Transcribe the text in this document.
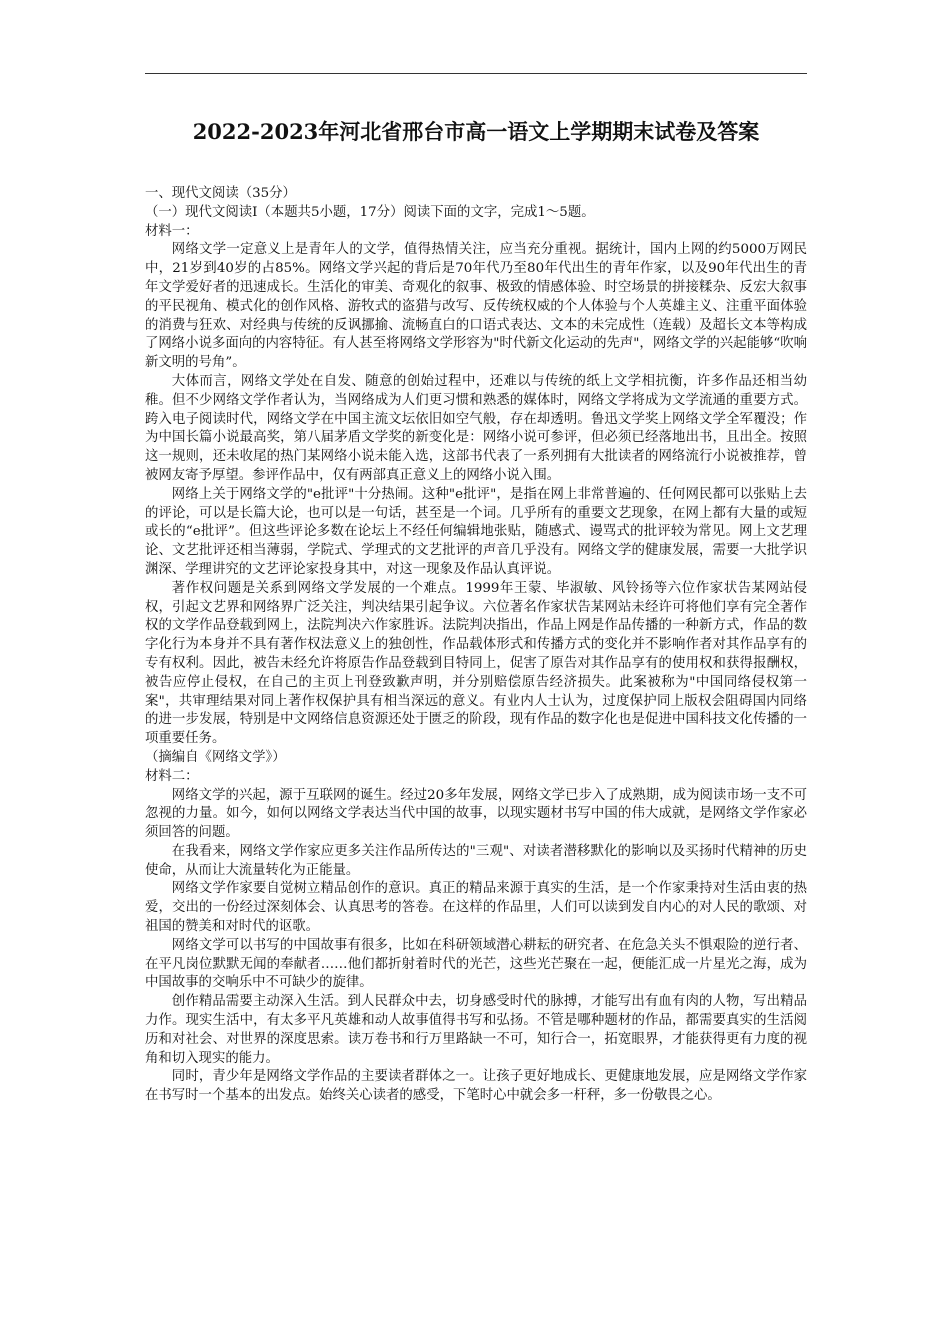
2022-2023年河北省邢台市高一语文上学期期末试卷及答案

一、现代文阅读（35分）

（一）现代文阅读Ⅰ（本题共5小题，17分）阅读下面的文字，完成1～5题。

材料一：

网络文学一定意义上是青年人的文学，值得热情关注，应当充分重视。据统计，国内上网的约5000万网民中，21岁到40岁的占85%。网络文学兴起的背后是70年代乃至80年代出生的青年作家，以及90年代出生的青年文学爱好者的迅速成长。生活化的审美、奇观化的叙事、极致的情感体验、时空场景的拼接糅杂、反宏大叙事的平民视角、模式化的创作风格、游牧式的盗猎与改写、反传统权威的个人体验与个人英雄主义、注重平面体验的消费与狂欢、对经典与传统的反讽挪揄、流畅直白的口语式表达、文本的未完成性（连载）及超长文本等构成了网络小说多面向的内容特征。有人甚至将网络文学形容为"时代新文化运动的先声"，网络文学的兴起能够“吹响新文明的号角”。

大体而言，网络文学处在自发、随意的创始过程中，还难以与传统的纸上文学相抗衡，许多作品还相当幼稚。但不少网络文学作者认为，当网络成为人们更习惯和熟悉的媒体时，网络文学将成为文学流通的重要方式。跨入电子阅读时代，网络文学在中国主流文坛依旧如空气般，存在却透明。鲁迅文学奖上网络文学全军覆没；作为中国长篇小说最高奖，第八届茅盾文学奖的新变化是：网络小说可参评，但必须已经落地出书，且出全。按照这一规则，还未收尾的热门某网络小说未能入选，这部书代表了一系列拥有大批读者的网络流行小说被推荐，曾被网友寄予厚望。参评作品中，仅有两部真正意义上的网络小说入围。

网络上关于网络文学的"e批评"十分热闹。这种"e批评"，是指在网上非常普遍的、任何网民都可以张贴上去的评论，可以是长篇大论，也可以是一句话，甚至是一个词。几乎所有的重要文艺现象，在网上都有大量的或短或长的“e批评”。但这些评论多数在论坛上不经任何编辑地张贴，随感式、谩骂式的批评较为常见。网上文艺理论、文艺批评还相当薄弱，学院式、学理式的文艺批评的声音几乎没有。网络文学的健康发展，需要一大批学识渊深、学理讲究的文艺评论家投身其中，对这一现象及作品认真评说。

著作权问题是关系到网络文学发展的一个难点。1999年王蒙、毕淑敏、风铃扬等六位作家状告某网站侵权，引起文艺界和网络界广泛关注，判决结果引起争议。六位著名作家状告某网站未经许可将他们享有完全著作权的文学作品登载到网上，法院判决六作家胜诉。法院判决指出，作品上网是作品传播的一种新方式，作品的数字化行为本身并不具有著作权法意义上的独创性，作品载体形式和传播方式的变化并不影响作者对其作品享有的专有权利。因此，被告未经允许将原告作品登载到目特同上，促害了原告对其作品享有的使用权和获得报酬权，被告应停止侵权，在自己的主页上刊登致歉声明，并分别赔偿原告经济损失。此案被称为"中国同络侵权第一案"，共审理结果对同上著作权保护具有相当深远的意义。有业内人士认为，过度保护同上版权会阻碍国内同络的进一步发展，特别是中文网络信息资源还处于匮乏的阶段，现有作品的数字化也是促进中国科技文化传播的一项重要任务。

（摘编自《网络文学》）

材料二：

网络文学的兴起，源于互联网的诞生。经过20多年发展，网络文学已步入了成熟期，成为阅读市场一支不可忽视的力量。如今，如何以网络文学表达当代中国的故事，以现实题材书写中国的伟大成就，是网络文学作家必须回答的问题。

在我看来，网络文学作家应更多关注作品所传达的"三观"、对读者潜移默化的影响以及买扬时代精神的历史使命，从而让大流量转化为正能量。

网络文学作家要自觉树立精品创作的意识。真正的精品来源于真实的生活，是一个作家秉持对生活由衷的热爱，交出的一份经过深刻体会、认真思考的答卷。在这样的作品里，人们可以读到发自内心的对人民的歌颂、对祖国的赞美和对时代的讴歌。

网络文学可以书写的中国故事有很多，比如在科研领域潜心耕耘的研究者、在危急关头不惧艰险的逆行者、在平凡岗位默默无闻的奉献者……他们都折射着时代的光芒，这些光芒聚在一起，便能汇成一片星光之海，成为中国故事的交响乐中不可缺少的旋律。

创作精品需要主动深入生活。到人民群众中去，切身感受时代的脉搏，才能写出有血有肉的人物，写出精品力作。现实生活中，有太多平凡英雄和动人故事值得书写和弘扬。不管是哪种题材的作品，都需要真实的生活阅历和对社会、对世界的深度思索。读万卷书和行万里路缺一不可，知行合一，拓宽眼界，才能获得更有力度的视角和切入现实的能力。

同时，青少年是网络文学作品的主要读者群体之一。让孩子更好地成长、更健康地发展，应是网络文学作家在书写时一个基本的出发点。始终关心读者的感受，下笔时心中就会多一杆秤，多一份敬畏之心。
